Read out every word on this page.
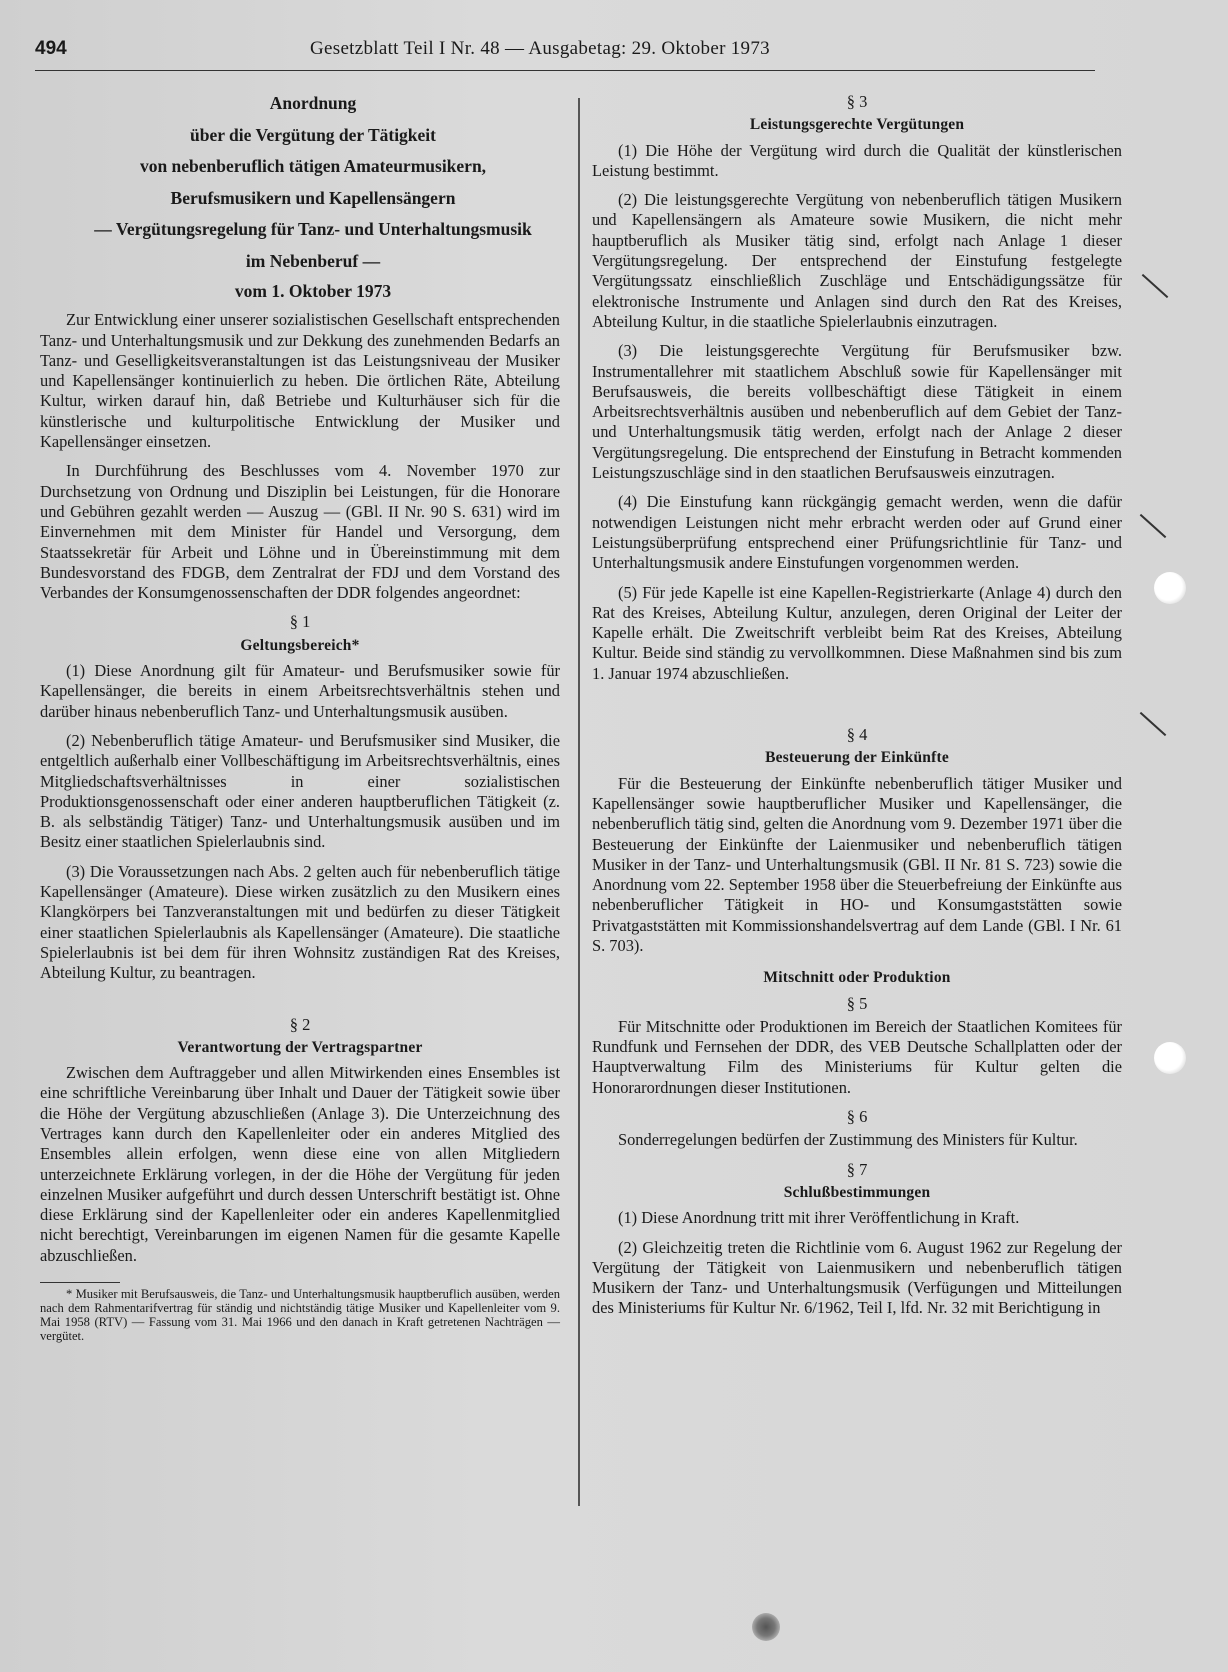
494	Gesetzblatt Teil I Nr. 48 — Ausgabetag: 29. Oktober 1973

Anordnung

über die Vergütung der Tätigkeit

von nebenberuflich tätigen Amateurmusikern,

Berufsmusikern und Kapellensängern

— Vergütungsregelung für Tanz- und Unterhaltungsmusik

im Nebenberuf —

vom 1. Oktober 1973

Zur Entwicklung einer unserer sozialistischen Gesellschaft entsprechenden Tanz- und Unterhaltungsmusik und zur Dekkung des zunehmenden Bedarfs an Tanz- und Geselligkeitsveranstaltungen ist das Leistungsniveau der Musiker und Kapellensänger kontinuierlich zu heben. Die örtlichen Räte, Abteilung Kultur, wirken darauf hin, daß Betriebe und Kulturhäuser sich für die künstlerische und kulturpolitische Entwicklung der Musiker und Kapellensänger einsetzen.

In Durchführung des Beschlusses vom 4. November 1970 zur Durchsetzung von Ordnung und Disziplin bei Leistungen, für die Honorare und Gebühren gezahlt werden — Auszug — (GBl. II Nr. 90 S. 631) wird im Einvernehmen mit dem Minister für Handel und Versorgung, dem Staatssekretär für Arbeit und Löhne und in Übereinstimmung mit dem Bundesvorstand des FDGB, dem Zentralrat der FDJ und dem Vorstand des Verbandes der Konsumgenossenschaften der DDR folgendes angeordnet:

§ 1
Geltungsbereich*

(1) Diese Anordnung gilt für Amateur- und Berufsmusiker sowie für Kapellensänger, die bereits in einem Arbeitsrechtsverhältnis stehen und darüber hinaus nebenberuflich Tanz- und Unterhaltungsmusik ausüben.

(2) Nebenberuflich tätige Amateur- und Berufsmusiker sind Musiker, die entgeltlich außerhalb einer Vollbeschäftigung im Arbeitsrechtsverhältnis, eines Mitgliedschaftsverhältnisses in einer sozialistischen Produktionsgenossenschaft oder einer anderen hauptberuflichen Tätigkeit (z. B. als selbständig Tätiger) Tanz- und Unterhaltungsmusik ausüben und im Besitz einer staatlichen Spielerlaubnis sind.

(3) Die Voraussetzungen nach Abs. 2 gelten auch für nebenberuflich tätige Kapellensänger (Amateure). Diese wirken zusätzlich zu den Musikern eines Klangkörpers bei Tanzveranstaltungen mit und bedürfen zu dieser Tätigkeit einer staatlichen Spielerlaubnis als Kapellensänger (Amateure). Die staatliche Spielerlaubnis ist bei dem für ihren Wohnsitz zuständigen Rat des Kreises, Abteilung Kultur, zu beantragen.

§ 2
Verantwortung der Vertragspartner

Zwischen dem Auftraggeber und allen Mitwirkenden eines Ensembles ist eine schriftliche Vereinbarung über Inhalt und Dauer der Tätigkeit sowie über die Höhe der Vergütung abzuschließen (Anlage 3). Die Unterzeichnung des Vertrages kann durch den Kapellenleiter oder ein anderes Mitglied des Ensembles allein erfolgen, wenn diese eine von allen Mitgliedern unterzeichnete Erklärung vorlegen, in der die Höhe der Vergütung für jeden einzelnen Musiker aufgeführt und durch dessen Unterschrift bestätigt ist. Ohne diese Erklärung sind der Kapellenleiter oder ein anderes Kapellenmitglied nicht berechtigt, Vereinbarungen im eigenen Namen für die gesamte Kapelle abzuschließen.

* Musiker mit Berufsausweis, die Tanz- und Unterhaltungsmusik hauptberuflich ausüben, werden nach dem Rahmentarifvertrag für ständig und nichtständig tätige Musiker und Kapellenleiter vom 9. Mai 1958 (RTV) — Fassung vom 31. Mai 1966 und den danach in Kraft getretenen Nachträgen — vergütet.

§ 3
Leistungsgerechte Vergütungen

(1) Die Höhe der Vergütung wird durch die Qualität der künstlerischen Leistung bestimmt.

(2) Die leistungsgerechte Vergütung von nebenberuflich tätigen Musikern und Kapellensängern als Amateure sowie Musikern, die nicht mehr hauptberuflich als Musiker tätig sind, erfolgt nach Anlage 1 dieser Vergütungsregelung. Der entsprechend der Einstufung festgelegte Vergütungssatz einschließlich Zuschläge und Entschädigungssätze für elektronische Instrumente und Anlagen sind durch den Rat des Kreises, Abteilung Kultur, in die staatliche Spielerlaubnis einzutragen.

(3) Die leistungsgerechte Vergütung für Berufsmusiker bzw. Instrumentallehrer mit staatlichem Abschluß sowie für Kapellensänger mit Berufsausweis, die bereits vollbeschäftigt diese Tätigkeit in einem Arbeitsrechtsverhältnis ausüben und nebenberuflich auf dem Gebiet der Tanz- und Unterhaltungsmusik tätig werden, erfolgt nach der Anlage 2 dieser Vergütungsregelung. Die entsprechend der Einstufung in Betracht kommenden Leistungszuschläge sind in den staatlichen Berufsausweis einzutragen.

(4) Die Einstufung kann rückgängig gemacht werden, wenn die dafür notwendigen Leistungen nicht mehr erbracht werden oder auf Grund einer Leistungsüberprüfung entsprechend einer Prüfungsrichtlinie für Tanz- und Unterhaltungsmusik andere Einstufungen vorgenommen werden.

(5) Für jede Kapelle ist eine Kapellen-Registrierkarte (Anlage 4) durch den Rat des Kreises, Abteilung Kultur, anzulegen, deren Original der Leiter der Kapelle erhält. Die Zweitschrift verbleibt beim Rat des Kreises, Abteilung Kultur. Beide sind ständig zu vervollkommnen. Diese Maßnahmen sind bis zum 1. Januar 1974 abzuschließen.

§ 4
Besteuerung der Einkünfte

Für die Besteuerung der Einkünfte nebenberuflich tätiger Musiker und Kapellensänger sowie hauptberuflicher Musiker und Kapellensänger, die nebenberuflich tätig sind, gelten die Anordnung vom 9. Dezember 1971 über die Besteuerung der Einkünfte der Laienmusiker und nebenberuflich tätigen Musiker in der Tanz- und Unterhaltungsmusik (GBl. II Nr. 81 S. 723) sowie die Anordnung vom 22. September 1958 über die Steuerbefreiung der Einkünfte aus nebenberuflicher Tätigkeit in HO- und Konsumgaststätten sowie Privatgaststätten mit Kommissionshandelsvertrag auf dem Lande (GBl. I Nr. 61 S. 703).

Mitschnitt oder Produktion
§ 5

Für Mitschnitte oder Produktionen im Bereich der Staatlichen Komitees für Rundfunk und Fernsehen der DDR, des VEB Deutsche Schallplatten oder der Hauptverwaltung Film des Ministeriums für Kultur gelten die Honorarordnungen dieser Institutionen.

§ 6

Sonderregelungen bedürfen der Zustimmung des Ministers für Kultur.

§ 7
Schlußbestimmungen

(1) Diese Anordnung tritt mit ihrer Veröffentlichung in Kraft.

(2) Gleichzeitig treten die Richtlinie vom 6. August 1962 zur Regelung der Vergütung der Tätigkeit von Laienmusikern und nebenberuflich tätigen Musikern der Tanz- und Unterhaltungsmusik (Verfügungen und Mitteilungen des Ministeriums für Kultur Nr. 6/1962, Teil I, lfd. Nr. 32 mit Berichtigung in
